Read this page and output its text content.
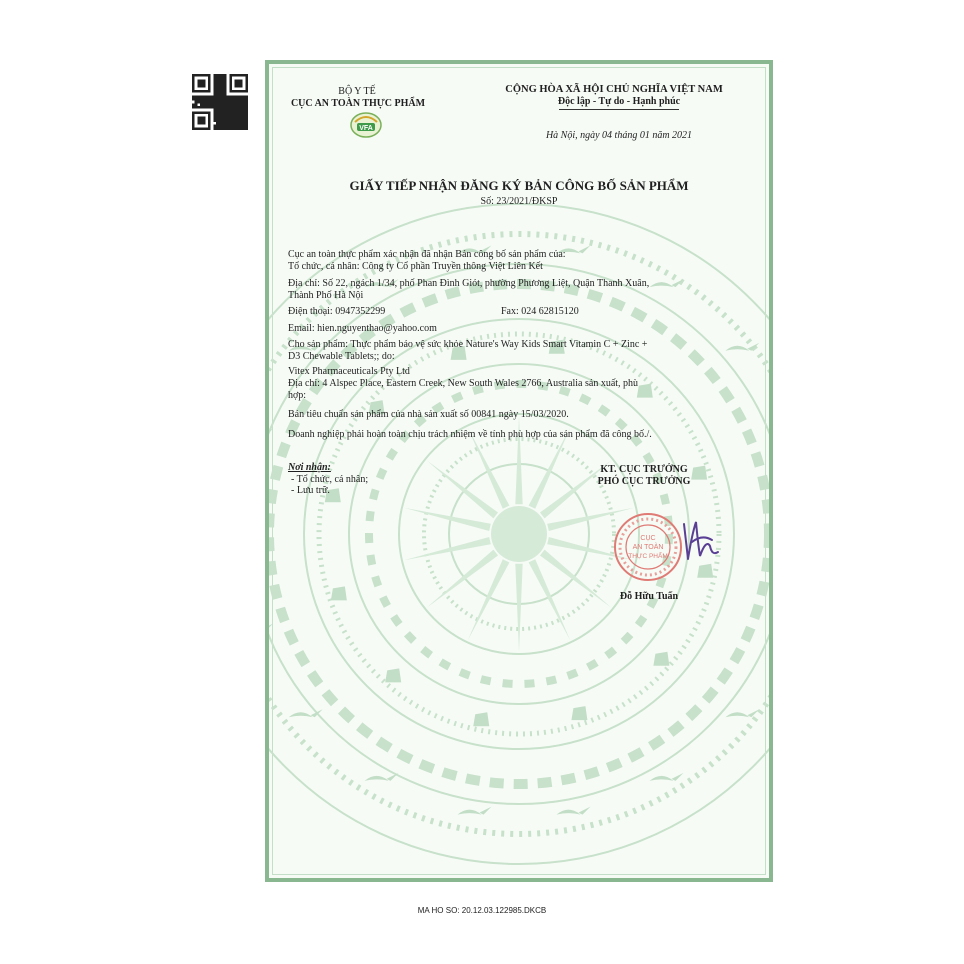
BỘ Y TẾ
CỤC AN TOÀN THỰC PHẨM
VFA
CỘNG HÒA XÃ HỘI CHỦ NGHĨA VIỆT NAM
Độc lập - Tự do - Hạnh phúc
Hà Nội, ngày 04 tháng 01 năm 2021
GIẤY TIẾP NHẬN ĐĂNG KÝ BẢN CÔNG BỐ SẢN PHẨM
Số: 23/2021/ĐKSP
Cục an toàn thực phẩm xác nhận đã nhận Bản công bố sản phẩm của:
Tổ chức, cá nhân: Công ty Cổ phần Truyền thông Việt Liên Kết
Địa chỉ: Số 22, ngách 1/34, phố Phan Đình Giót, phường Phương Liệt, Quận Thanh Xuân,
Thành Phố Hà Nội
Điện thoại: 0947352299	Fax: 024 62815120
Email: hien.nguyenthao@yahoo.com
Cho sản phẩm: Thực phẩm bảo vệ sức khỏe Nature's Way Kids Smart Vitamin C + Zinc +
D3 Chewable Tablets;; do:
Vitex Pharmaceuticals Pty Ltd
Địa chỉ: 4 Alspec Place, Eastern Creek, New South Wales 2766, Australia sản xuất, phù
hợp:
Bản tiêu chuẩn sản phẩm của nhà sản xuất số 00841 ngày 15/03/2020.
Doanh nghiệp phải hoàn toàn chịu trách nhiệm về tính phù hợp của sản phẩm đã công bố./.
Nơi nhận:
- Tổ chức, cá nhân;
- Lưu trữ.
KT. CỤC TRƯỞNG
PHÓ CỤC TRƯỞNG
CỤC
AN TOÀN
THỰC PHẨM
Đỗ Hữu Tuấn
MA HO SO: 20.12.03.122985.DKCB
